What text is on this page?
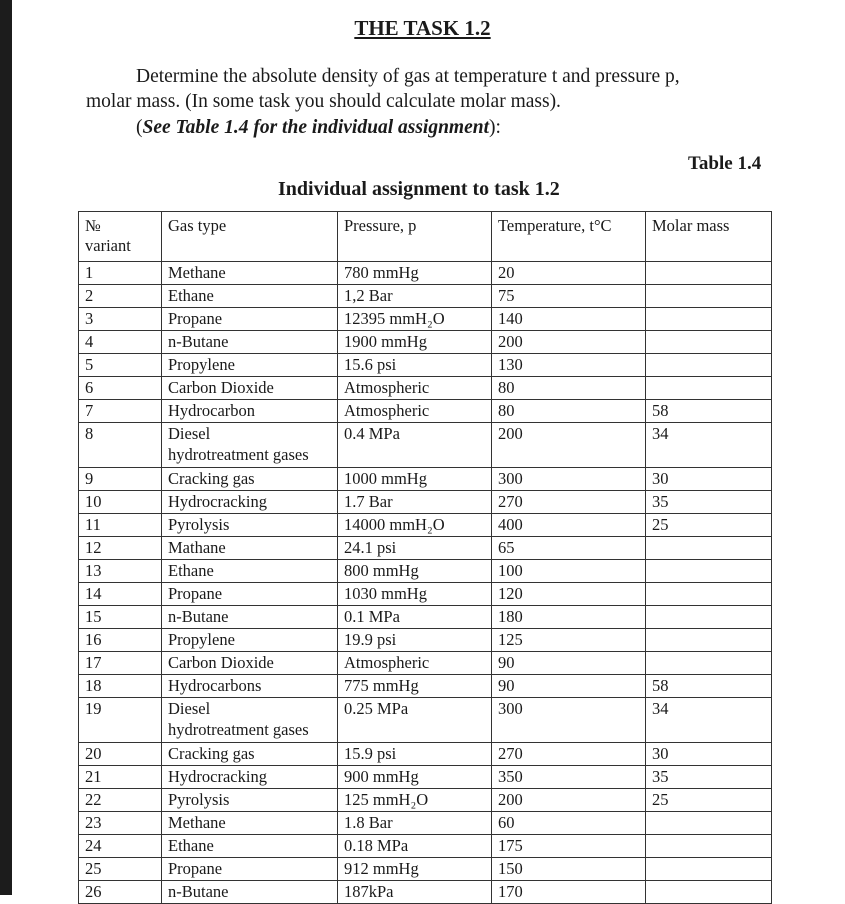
THE TASK 1.2
Determine the absolute density of gas at temperature t and pressure p,
molar mass. (In some task you should calculate molar mass).
(See Table 1.4 for the individual assignment):
Table 1.4
Individual assignment to task 1.2
№
variant	Gas type	Pressure, p	Temperature, t°C	Molar mass
1	Methane	780 mmHg	20	
2	Ethane	1,2 Bar	75	
3	Propane	12395 mmH₂O	140	
4	n-Butane	1900 mmHg	200	
5	Propylene	15.6 psi	130	
6	Carbon Dioxide	Atmospheric	80	
7	Hydrocarbon	Atmospheric	80	58
8	Diesel
hydrotreatment gases	0.4 MPa	200	34
9	Cracking gas	1000 mmHg	300	30
10	Hydrocracking	1.7 Bar	270	35
11	Pyrolysis	14000 mmH₂O	400	25
12	Mathane	24.1 psi	65	
13	Ethane	800 mmHg	100	
14	Propane	1030 mmHg	120	
15	n-Butane	0.1 MPa	180	
16	Propylene	19.9 psi	125	
17	Carbon Dioxide	Atmospheric	90	
18	Hydrocarbons	775 mmHg	90	58
19	Diesel
hydrotreatment gases	0.25 MPa	300	34
20	Cracking gas	15.9 psi	270	30
21	Hydrocracking	900 mmHg	350	35
22	Pyrolysis	125 mmH₂O	200	25
23	Methane	1.8 Bar	60	
24	Ethane	0.18 MPa	175	
25	Propane	912 mmHg	150	
26	n-Butane	187kPa	170	
